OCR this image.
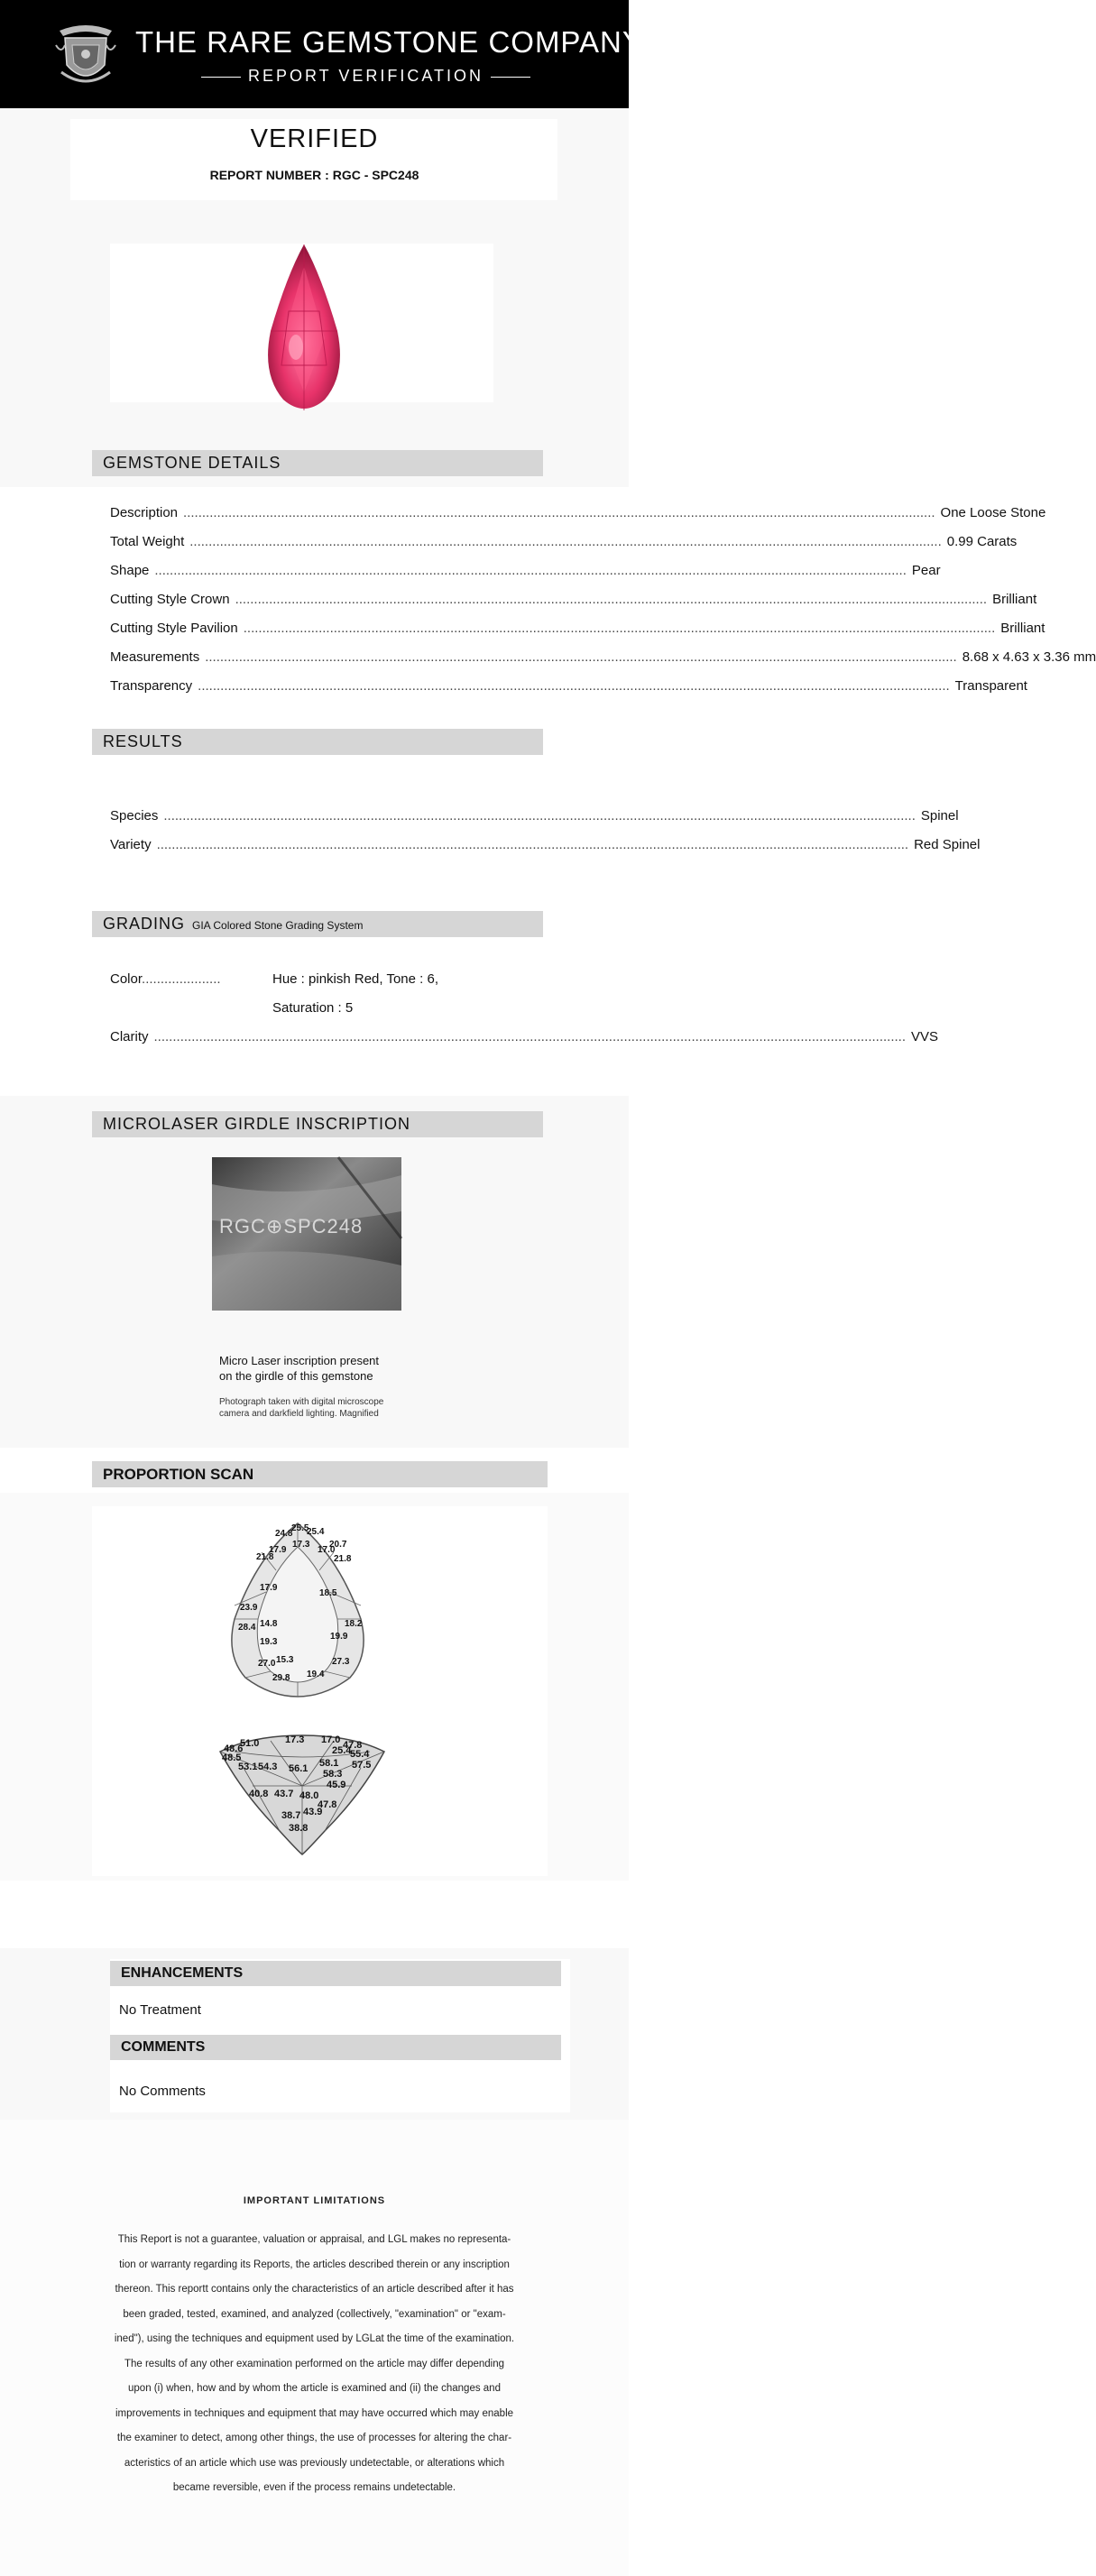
THE RARE GEMSTONE COMPANY™
REPORT VERIFICATION
VERIFIED
REPORT NUMBER : RGC - SPC248
GEMSTONE DETAILS
Description .....	One Loose Stone
Total Weight .....	0.99 Carats
Shape .....	Pear
Cutting Style Crown .....	Brilliant
Cutting Style Pavilion .....	Brilliant
Measurements .....	8.68 x 4.63 x 3.36 mm
Transparency .....	Transparent
RESULTS
Species .....	Spinel
Variety .....	Red Spinel
GRADING GIA Colored Stone Grading System
Color.....................	Hue : pinkish Red, Tone : 6,
Saturation : 5
Clarity .....	VVS
MICROLASER GIRDLE INSCRIPTION
RGC⊕SPC248
Micro Laser inscription present
on the girdle of this gemstone
Photograph taken with digital microscope
camera and darkfield lighting. Magnified
PROPORTION SCAN
24.8
25.5
25.4
17.3
17.0
20.7
21.8	21.8
17.9
17.9
18.5
23.9
28.4 14.8	18.2
19.9
19.3
27.0 15.3	27.3
29.8 19.4
48.6
51.0	17.3 17.0 47.8
55.4
25.4
58.1 57.5
53.1 54.3 56.1
48.5
40.8 43.7 48.0
45.9
58.3
43.9
38.7
47.8
38.8
ENHANCEMENTS
No Treatment
COMMENTS
No Comments
IMPORTANT LIMITATIONS
This Report is not a guarantee, valuation or appraisal, and LGL makes no representa-
tion or warranty regarding its Reports, the articles described therein or any inscription
thereon. This reportt contains only the characteristics of an article described after it has
been graded, tested, examined, and analyzed (collectively, "examination" or "exam-
ined"), using the techniques and equipment used by LGLat the time of the examination.
The results of any other examination performed on the article may differ depending
upon (i) when, how and by whom the article is examined and (ii) the changes and
improvements in techniques and equipment that may have occurred which may enable
the examiner to detect, among other things, the use of processes for altering the char-
acteristics of an article which use was previously undetectable, or alterations which
became reversible, even if the process remains undetectable.
